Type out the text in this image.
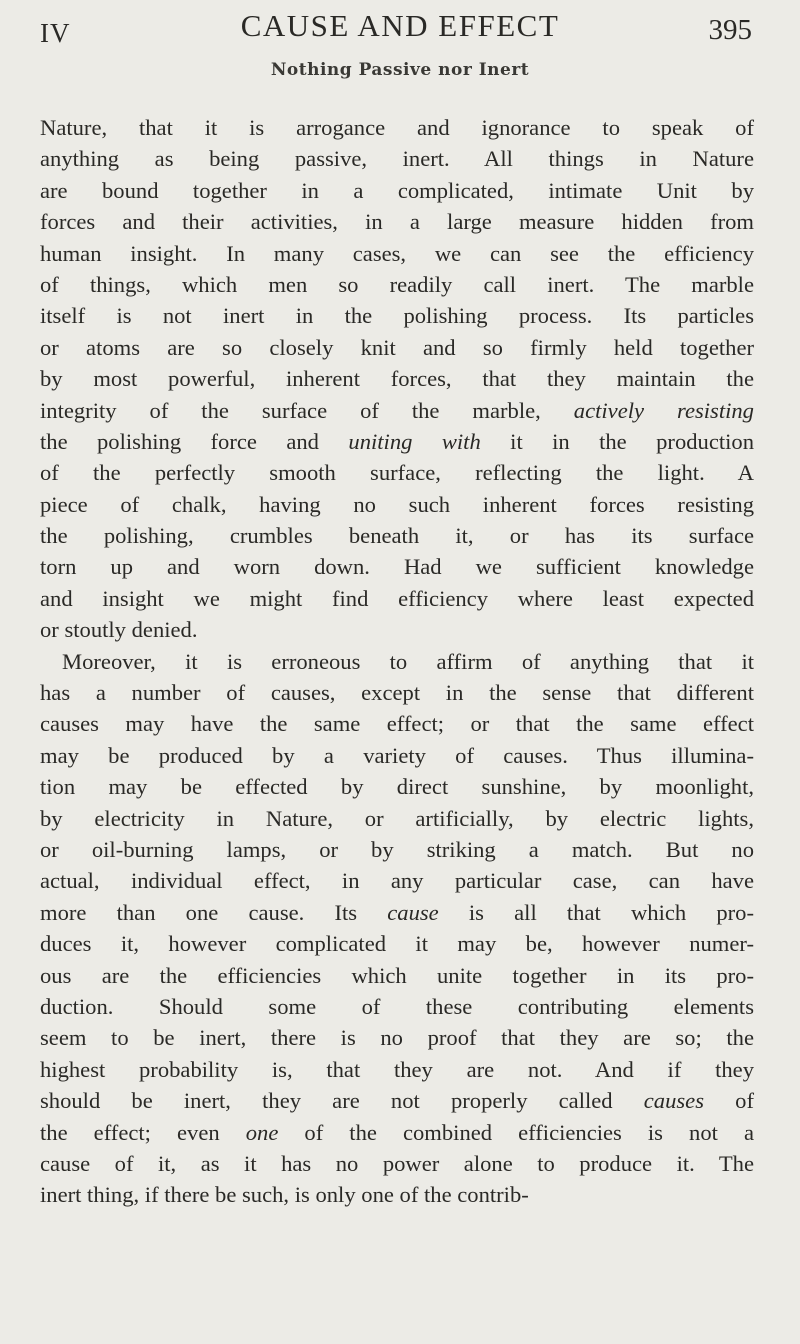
IV	CAUSE AND EFFECT	395
Nothing Passive nor Inert
Nature, that it is arrogance and ignorance to speak of
anything as being passive, inert. All things in Nature
are bound together in a complicated, intimate Unit by
forces and their activities, in a large measure hidden from
human insight. In many cases, we can see the efficiency
of things, which men so readily call inert. The marble
itself is not inert in the polishing process. Its particles
or atoms are so closely knit and so firmly held together
by most powerful, inherent forces, that they maintain the
integrity of the surface of the marble, actively resisting
the polishing force and uniting with it in the production
of the perfectly smooth surface, reflecting the light. A
piece of chalk, having no such inherent forces resisting
the polishing, crumbles beneath it, or has its surface
torn up and worn down. Had we sufficient knowledge
and insight we might find efficiency where least expected
or stoutly denied.
Moreover, it is erroneous to affirm of anything that it
has a number of causes, except in the sense that different
causes may have the same effect; or that the same effect
may be produced by a variety of causes. Thus illumina-
tion may be effected by direct sunshine, by moonlight,
by electricity in Nature, or artificially, by electric lights,
or oil-burning lamps, or by striking a match. But no
actual, individual effect, in any particular case, can have
more than one cause. Its cause is all that which pro-
duces it, however complicated it may be, however numer-
ous are the efficiencies which unite together in its pro-
duction. Should some of these contributing elements
seem to be inert, there is no proof that they are so; the
highest probability is, that they are not. And if they
should be inert, they are not properly called causes of
the effect; even one of the combined efficiencies is not a
cause of it, as it has no power alone to produce it. The
inert thing, if there be such, is only one of the contrib-
